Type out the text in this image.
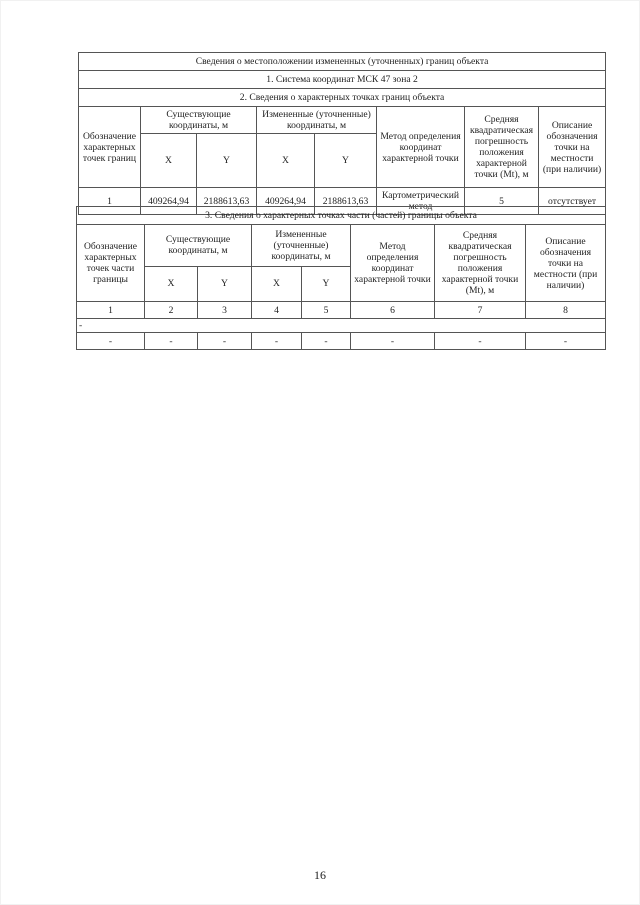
Сведения о местоположении измененных (уточненных) границ объекта							
1. Система координат МСК 47 зона 2							
2. Сведения о характерных точках границ объекта							
Обозначение характерных точек границ	Существующие координаты, м		Измененные (уточненные) координаты, м		Метод определения координат характерной точки	Средняя квадратическая погрешность положения характерной точки (Mt), м	Описание обозначения точки на местности (при наличии)
	X	Y	X	Y			
1	409264,94	2188613,63	409264,94	2188613,63	Картометрический метод	5	отсутствует
3. Сведения о характерных точках части (частей) границы объекта							
Обозначение характерных точек части границы	Существующие координаты, м		Измененные (уточненные) координаты, м		Метод определения координат характерной точки	Средняя квадратическая погрешность положения характерной точки (Mt), м	Описание обозначения точки на местности (при наличии)
	X	Y	X	Y			
1	2	3	4	5	6	7	8
-							
-	-	-	-	-	-	-	-
16
